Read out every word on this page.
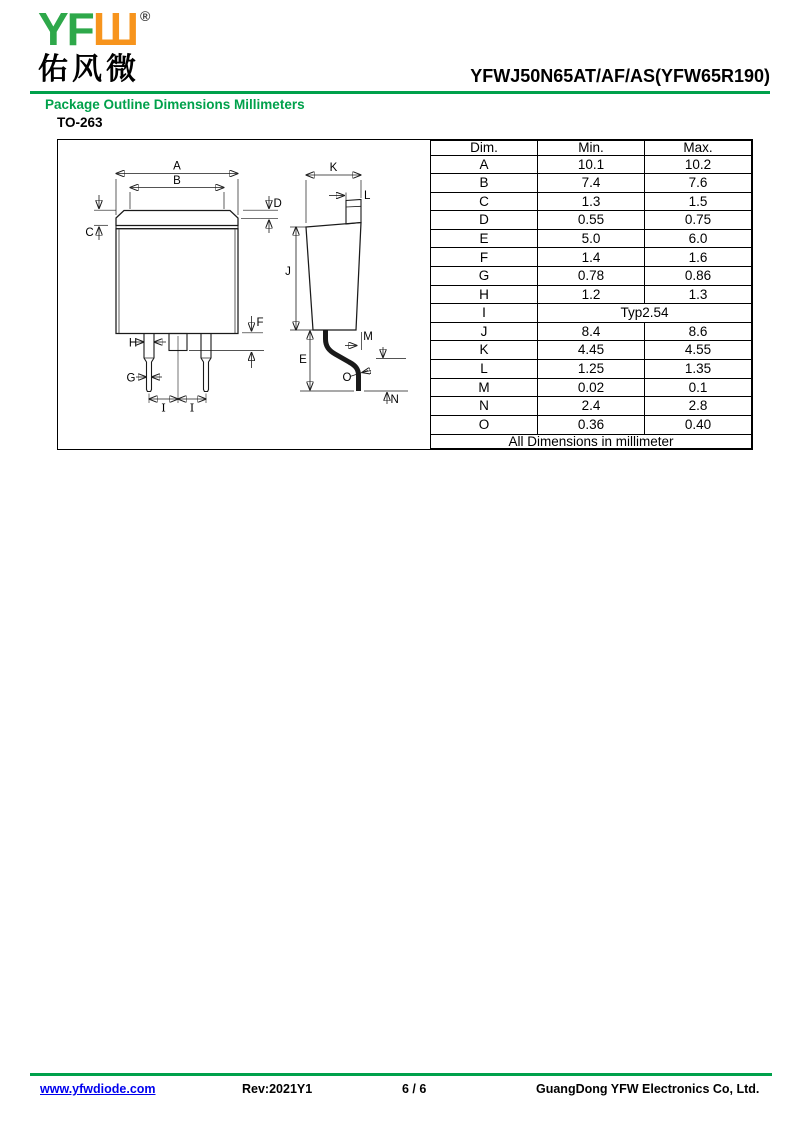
YFШ ®
佑风微	YFWJ50N65AT/AF/AS(YFW65R190)
Package Outline Dimensions Millimeters
TO-263
A
B
C
D
F
H
G
I I
K
L
J
E
M
O
N
Dim.	Min.	Max.
A	10.1	10.2
B	7.4	7.6
C	1.3	1.5
D	0.55	0.75
E	5.0	6.0
F	1.4	1.6
G	0.78	0.86
H	1.2	1.3
I	Typ2.54	
J	8.4	8.6
K	4.45	4.55
L	1.25	1.35
M	0.02	0.1
N	2.4	2.8
O	0.36	0.40
All Dimensions in millimeter		
www.yfwdiode.com	Rev:2021Y1	6 / 6	GuangDong YFW Electronics Co, Ltd.
